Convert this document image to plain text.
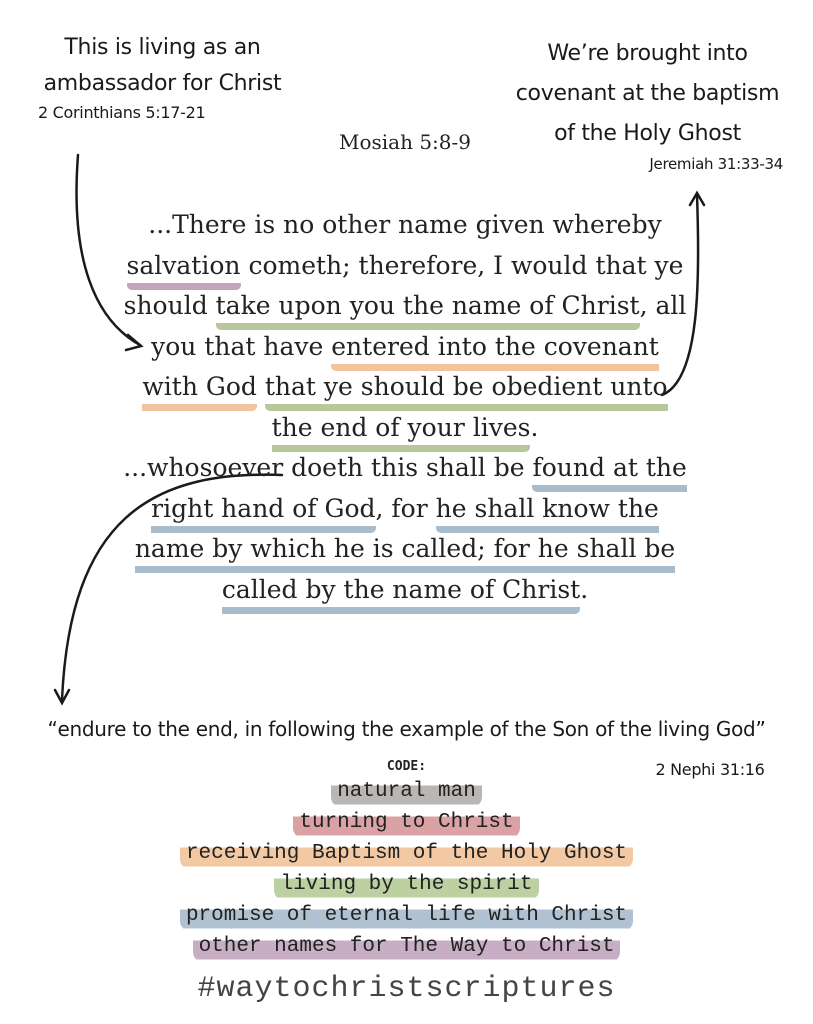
This is living as an
ambassador for Christ
2 Corinthians 5:17-21
We’re brought into
covenant at the baptism
of the Holy Ghost
Jeremiah 31:33-34
Mosiah 5:8-9
...There is no other name given whereby salvation cometh; therefore, I would that ye should take upon you the name of Christ, all you that have entered into the covenant with God that ye should be obedient unto the end of your lives.
...whosoever doeth this shall be found at the right hand of God, for he shall know the name by which he is called; for he shall be called by the name of Christ.
“endure to the end, in following the example of the Son of the living God”
2 Nephi 31:16
CODE:
natural man
turning to Christ
receiving Baptism of the Holy Ghost
living by the spirit
promise of eternal life with Christ
other names for The Way to Christ
#waytochristscriptures
